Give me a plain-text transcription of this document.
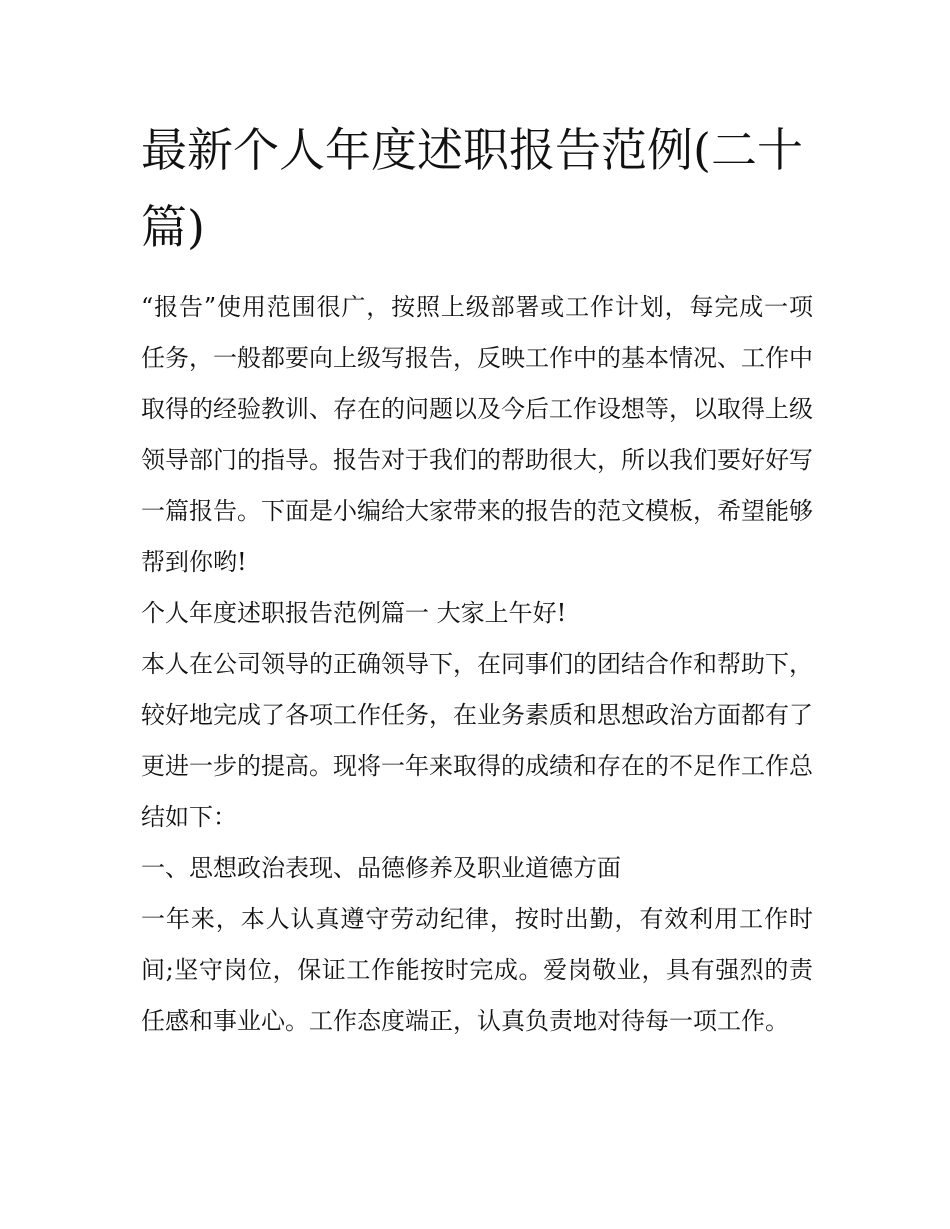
最新个人年度述职报告范例(二十篇)

“报告”使用范围很广，按照上级部署或工作计划，每完成一项任务，一般都要向上级写报告，反映工作中的基本情况、工作中取得的经验教训、存在的问题以及今后工作设想等，以取得上级领导部门的指导。报告对于我们的帮助很大，所以我们要好好写一篇报告。下面是小编给大家带来的报告的范文模板，希望能够帮到你哟!

个人年度述职报告范例篇一 大家上午好!

本人在公司领导的正确领导下，在同事们的团结合作和帮助下，较好地完成了各项工作任务，在业务素质和思想政治方面都有了更进一步的提高。现将一年来取得的成绩和存在的不足作工作总结如下：

一、思想政治表现、品德修养及职业道德方面

一年来，本人认真遵守劳动纪律，按时出勤，有效利用工作时间;坚守岗位，保证工作能按时完成。爱岗敬业，具有强烈的责任感和事业心。工作态度端正，认真负责地对待每一项工作。
